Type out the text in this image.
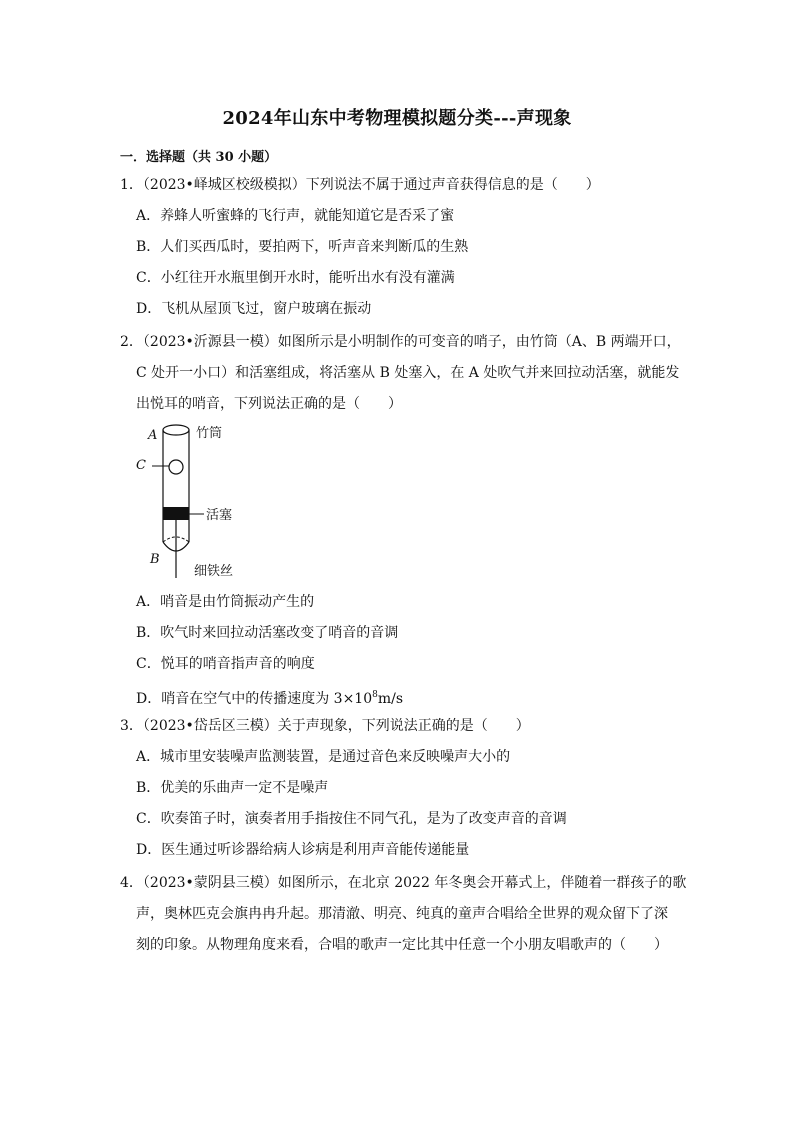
2024年山东中考物理模拟题分类---声现象
一．选择题（共 30 小题）
1．（2023•峄城区校级模拟）下列说法不属于通过声音获得信息的是（　　）
A．养蜂人听蜜蜂的飞行声，就能知道它是否采了蜜
B．人们买西瓜时，要拍两下，听声音来判断瓜的生熟
C．小红往开水瓶里倒开水时，能听出水有没有灌满
D．飞机从屋顶飞过，窗户玻璃在振动
2．（2023•沂源县一模）如图所示是小明制作的可变音的哨子，由竹筒（A、B 两端开口，
C 处开一小口）和活塞组成，将活塞从 B 处塞入，在 A 处吹气并来回拉动活塞，就能发
出悦耳的哨音，下列说法正确的是（　　）
A	竹筒
C
活塞
B
细铁丝
A．哨音是由竹筒振动产生的
B．吹气时来回拉动活塞改变了哨音的音调
C．悦耳的哨音指声音的响度
D．哨音在空气中的传播速度为 $3\times 10^8m/s$
3．（2023•岱岳区三模）关于声现象，下列说法正确的是（　　）
A．城市里安装噪声监测装置，是通过音色来反映噪声大小的
B．优美的乐曲声一定不是噪声
C．吹奏笛子时，演奏者用手指按住不同气孔，是为了改变声音的音调
D．医生通过听诊器给病人诊病是利用声音能传递能量
4．（2023•蒙阴县三模）如图所示，在北京 2022 年冬奥会开幕式上，伴随着一群孩子的歌
声，奥林匹克会旗冉冉升起。那清澈、明亮、纯真的童声合唱给全世界的观众留下了深
刻的印象。从物理角度来看，合唱的歌声一定比其中任意一个小朋友唱歌声的（　　）
